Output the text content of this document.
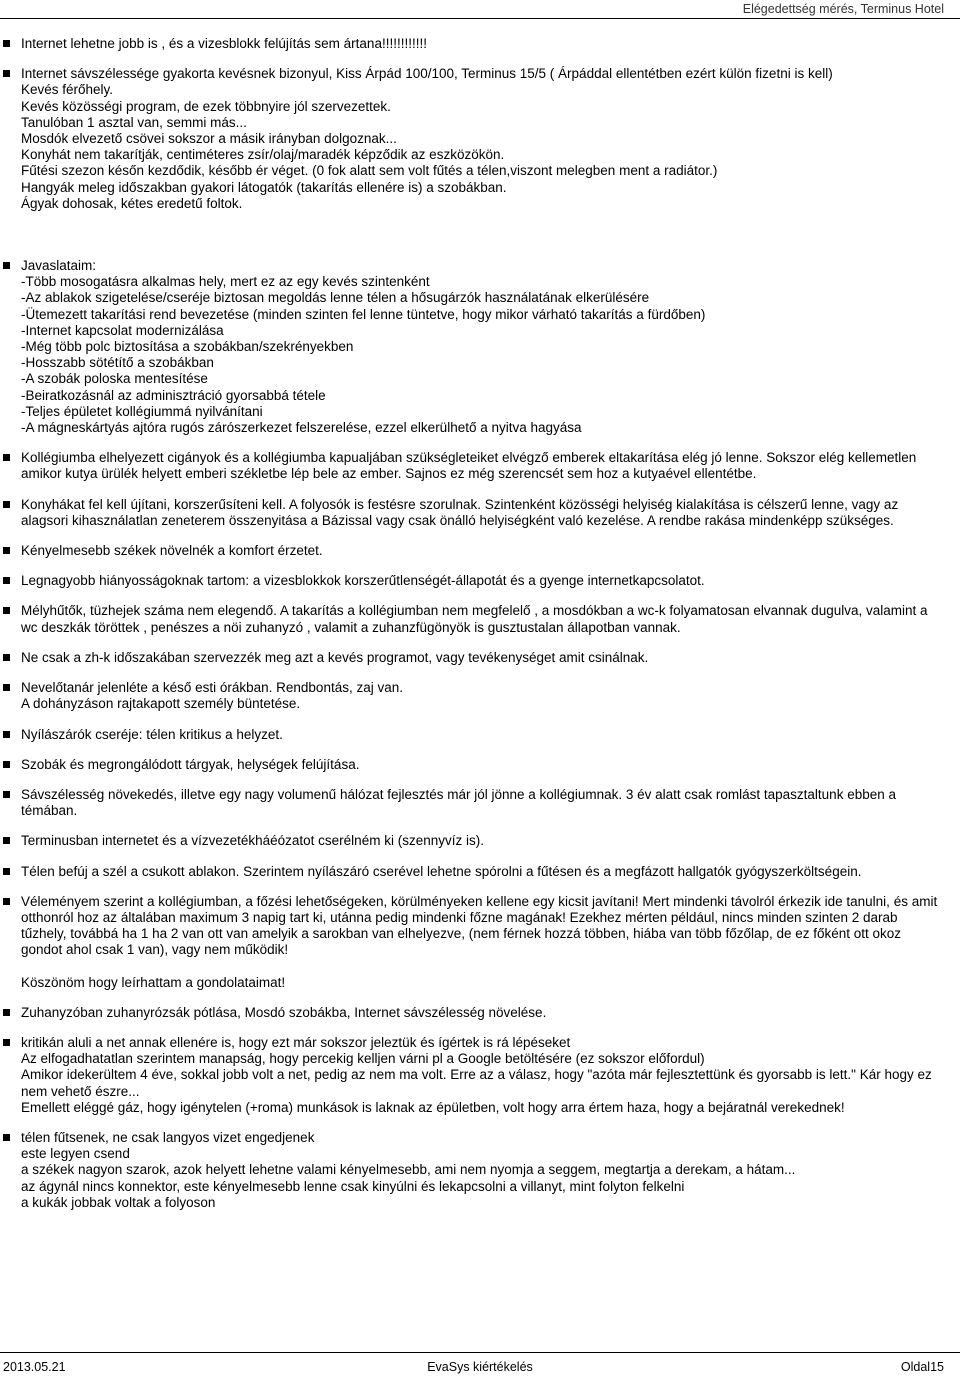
Elégedettség mérés, Terminus Hotel
Internet lehetne jobb is , és a vizesblokk felújítás sem ártana!!!!!!!!!!!!
Internet sávszélessége gyakorta kevésnek bizonyul, Kiss Árpád 100/100, Terminus 15/5 ( Árpáddal ellentétben ezért külön fizetni is kell)
Kevés férőhely.
Kevés közösségi program, de ezek többnyire jól szervezettek.
Tanulóban 1 asztal van, semmi más...
Mosdók elvezető csövei sokszor a másik irányban dolgoznak...
Konyhát nem takarítják, centiméteres zsír/olaj/maradék képződik az eszközökön.
Fűtési szezon későn kezdődik, később ér véget. (0 fok alatt sem volt fűtés a télen,viszont melegben ment a radiátor.)
Hangyák meleg időszakban gyakori látogatók (takarítás ellenére is) a szobákban.
Ágyak dohosak, kétes eredetű foltok.
Javaslataim:
-Több mosogatásra alkalmas hely, mert ez az egy kevés szintenként
-Az ablakok szigetelése/cseréje biztosan megoldás lenne télen a hősugárzók használatának elkerülésére
-Ütemezett takarítási rend bevezetése (minden szinten fel lenne tüntetve, hogy mikor várható takarítás a fürdőben)
-Internet kapcsolat modernizálása
-Még több polc biztosítása a szobákban/szekrényekben
-Hosszabb sötétítő a szobákban
-A szobák poloska mentesítése
-Beiratkozásnál az adminisztráció gyorsabbá tétele
-Teljes épületet kollégiummá nyilvánítani
-A mágneskártyás ajtóra rugós zárószerkezet felszerelése, ezzel elkerülhető a nyitva hagyása
Kollégiumba elhelyezett cigányok és a kollégiumba kapualjában szükségleteiket elvégző emberek eltakarítása elég jó lenne. Sokszor elég kellemetlen amikor kutya ürülék helyett emberi székletbe lép bele az ember. Sajnos ez még szerencsét sem hoz a kutyaével ellentétbe.
Konyhákat fel kell újítani, korszerűsíteni kell. A folyosók is festésre szorulnak. Szintenként közösségi helyiség kialakítása is célszerű lenne, vagy az alagsori kihasználatlan zeneterem összenyitása a Bázissal vagy csak önálló helyiségként való kezelése. A rendbe rakása mindenképp szükséges.
Kényelmesebb székek növelnék a komfort érzetet.
Legnagyobb hiányosságoknak tartom: a vizesblokkok korszerűtlenségét-állapotát és a gyenge internetkapcsolatot.
Mélyhűtők, tüzhejek száma nem elegendő. A takarítás a kollégiumban nem megfelelő , a mosdókban a wc-k folyamatosan elvannak dugulva, valamint a wc deszkák töröttek , penészes a nöi zuhanyzó , valamit a zuhanzfügönyök is gusztustalan állapotban vannak.
Ne csak a zh-k időszakában szervezzék meg azt a kevés programot, vagy tevékenységet amit csinálnak.
Nevelőtanár jelenléte a késő esti órákban. Rendbontás, zaj van.
A dohányzáson rajtakapott személy büntetése.
Nyílászárók cseréje: télen kritikus a helyzet.
Szobák és megrongálódott tárgyak, helységek felújítása.
Sávszélesség növekedés, illetve egy nagy volumenű hálózat fejlesztés már jól jönne a kollégiumnak. 3 év alatt csak romlást tapasztaltunk ebben a témában.
Terminusban internetet és a vízvezetékháéózatot cserélném ki (szennyvíz is).
Télen befúj a szél a csukott ablakon. Szerintem nyílászáró cserével lehetne spórolni a fűtésen és a megfázott hallgatók gyógyszerköltségein.
Véleményem szerint a kollégiumban, a főzési lehetőségeken, körülményeken kellene egy kicsit javítani! Mert mindenki távolról érkezik ide tanulni, és amit otthonról hoz az általában maximum 3 napig tart ki, utánna pedig mindenki főzne magának! Ezekhez mérten például, nincs minden szinten 2 darab tűzhely, továbbá ha 1 ha 2 van ott van amelyik a sarokban van elhelyezve, (nem férnek hozzá többen, hiába van több főzőlap, de ez főként ott okoz gondot ahol csak 1 van), vagy nem működik!
Köszönöm hogy leírhattam a gondolataimat!
Zuhanyzóban zuhanyrózsák pótlása, Mosdó szobákba, Internet sávszélesség növelése.
kritikán aluli a net annak ellenére is, hogy ezt már sokszor jeleztük és ígértek is rá lépéseket
Az elfogadhatatlan szerintem manapság, hogy percekig kelljen várni pl a Google betöltésére (ez sokszor előfordul)
Amikor idekerültem 4 éve, sokkal jobb volt a net, pedig az nem ma volt. Erre az a válasz, hogy "azóta már fejlesztettünk és gyorsabb is lett." Kár hogy ez nem vehető észre...
Emellett eléggé gáz, hogy igénytelen (+roma) munkások is laknak az épületben, volt hogy arra értem haza, hogy a bejáratnál verekednek!
télen fűtsenek, ne csak langyos vizet engedjenek
este legyen csend
a székek nagyon szarok, azok helyett lehetne valami kényelmesebb, ami nem nyomja a seggem, megtartja a derekam, a hátam...
az ágynál nincs konnektor, este kényelmesebb lenne csak kinyúlni és lekapcsolni a villanyt, mint folyton felkelni
a kukák jobbak voltak a folyoson
2013.05.21	EvaSys kiértékelés	Oldal15
